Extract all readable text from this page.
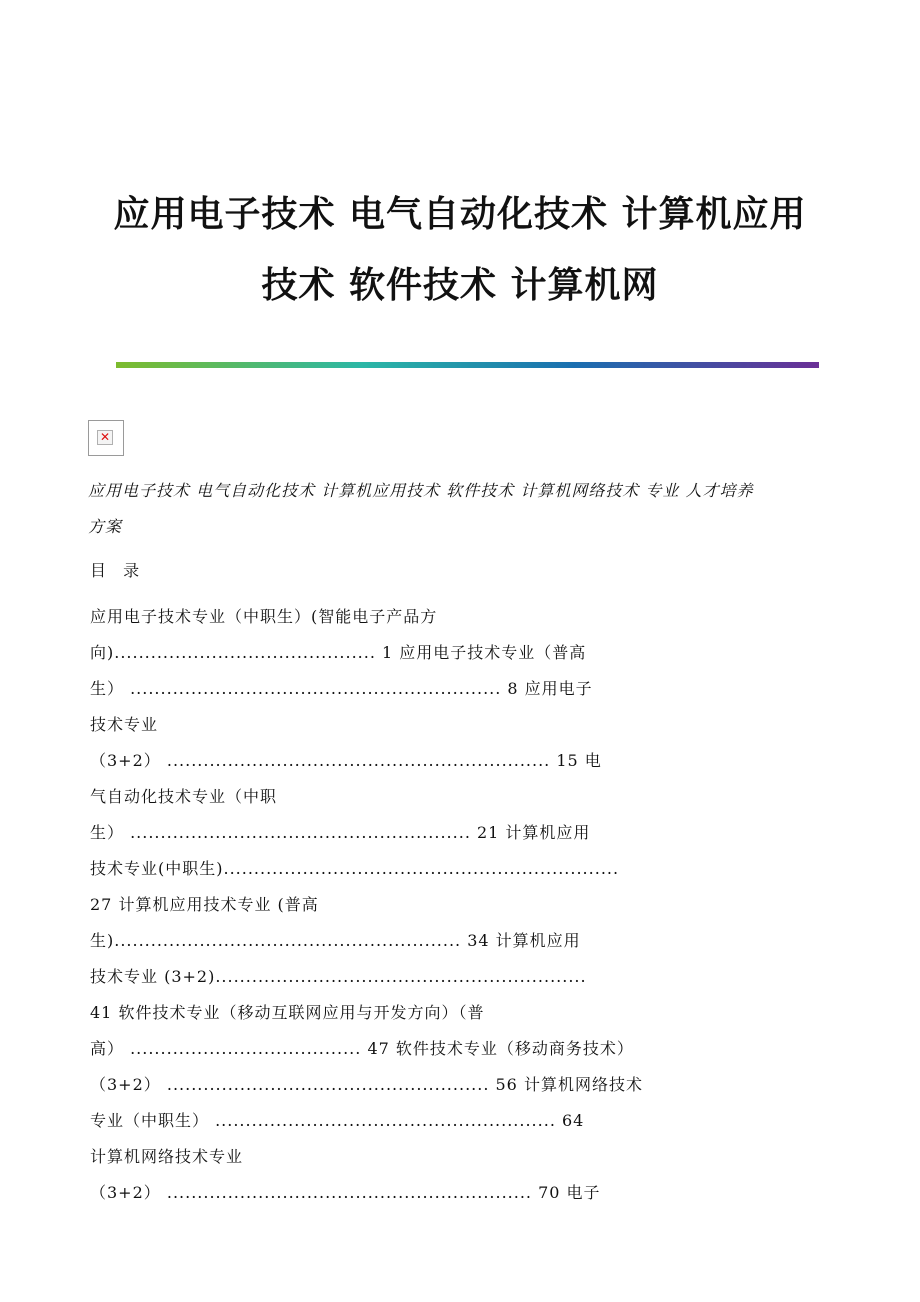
应用电子技术 电气自动化技术 计算机应用
技术 软件技术 计算机网
✕
应用电子技术 电气自动化技术 计算机应用技术 软件技术 计算机网络技术 专业 人才培养
方案
目 录
应用电子技术专业（中职生）(智能电子产品方
向)........................................... 1 应用电子技术专业（普高
生） ............................................................. 8 应用电子
技术专业
（3+2） ............................................................... 15 电
气自动化技术专业（中职
生） ........................................................ 21 计算机应用
技术专业(中职生).................................................................
27 计算机应用技术专业 (普高
生)......................................................... 34 计算机应用
技术专业 (3+2).............................................................
41 软件技术专业（移动互联网应用与开发方向）（普
高） ...................................... 47 软件技术专业（移动商务技术）
（3+2） ..................................................... 56 计算机网络技术
专业（中职生） ........................................................ 64
计算机网络技术专业
（3+2） ............................................................ 70 电子
